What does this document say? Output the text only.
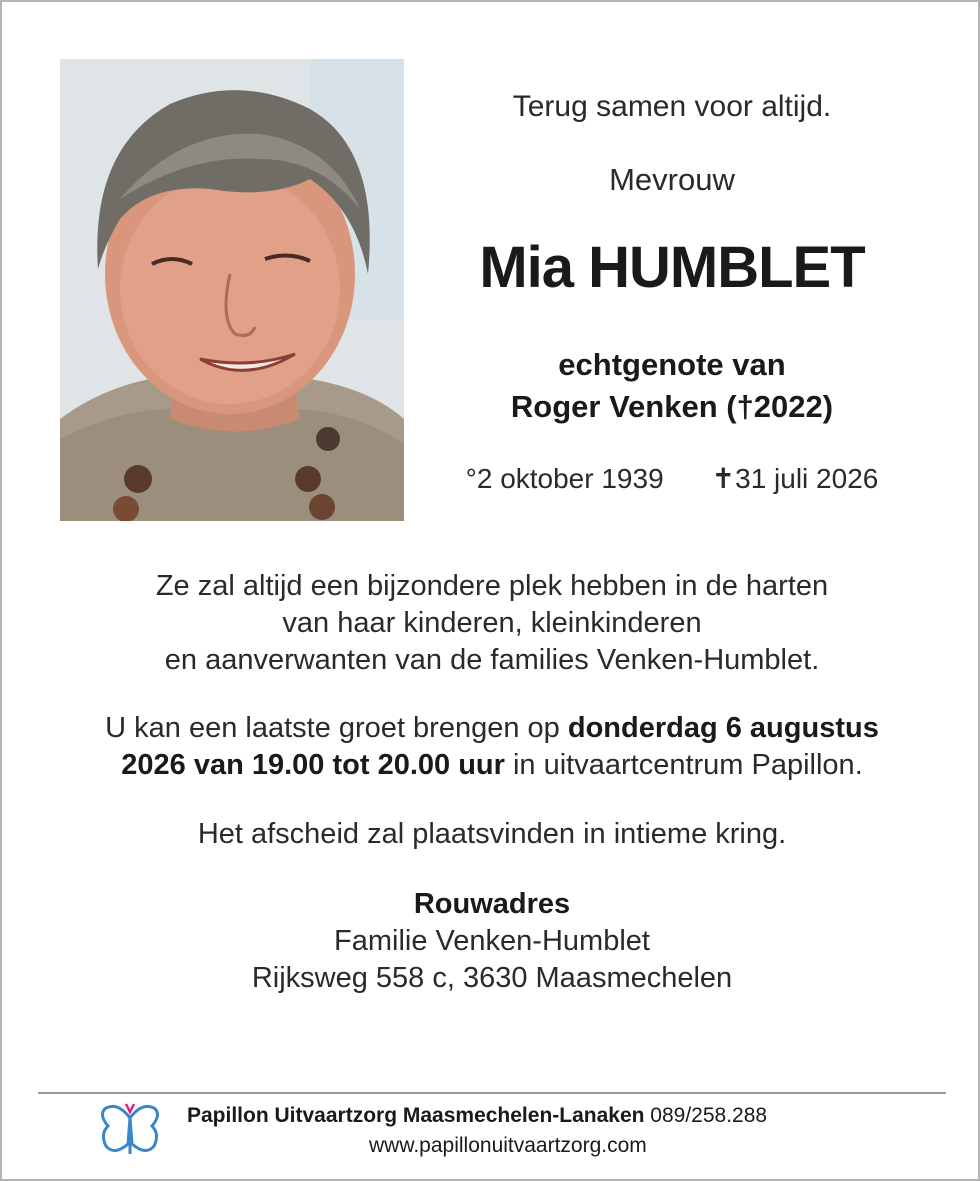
Terug samen voor altijd.
Mevrouw
Mia HUMBLET
echtgenote van
Roger Venken (†2022)
°2 oktober 1939 ✝31 juli 2026
Ze zal altijd een bijzondere plek hebben in de harten
van haar kinderen, kleinkinderen
en aanverwanten van de families Venken-Humblet.
U kan een laatste groet brengen op donderdag 6 augustus
2026 van 19.00 tot 20.00 uur in uitvaartcentrum Papillon.
Het afscheid zal plaatsvinden in intieme kring.
Rouwadres
Familie Venken-Humblet
Rijksweg 558 c, 3630 Maasmechelen
Papillon Uitvaartzorg Maasmechelen-Lanaken 089/258.288
www.papillonuitvaartzorg.com
